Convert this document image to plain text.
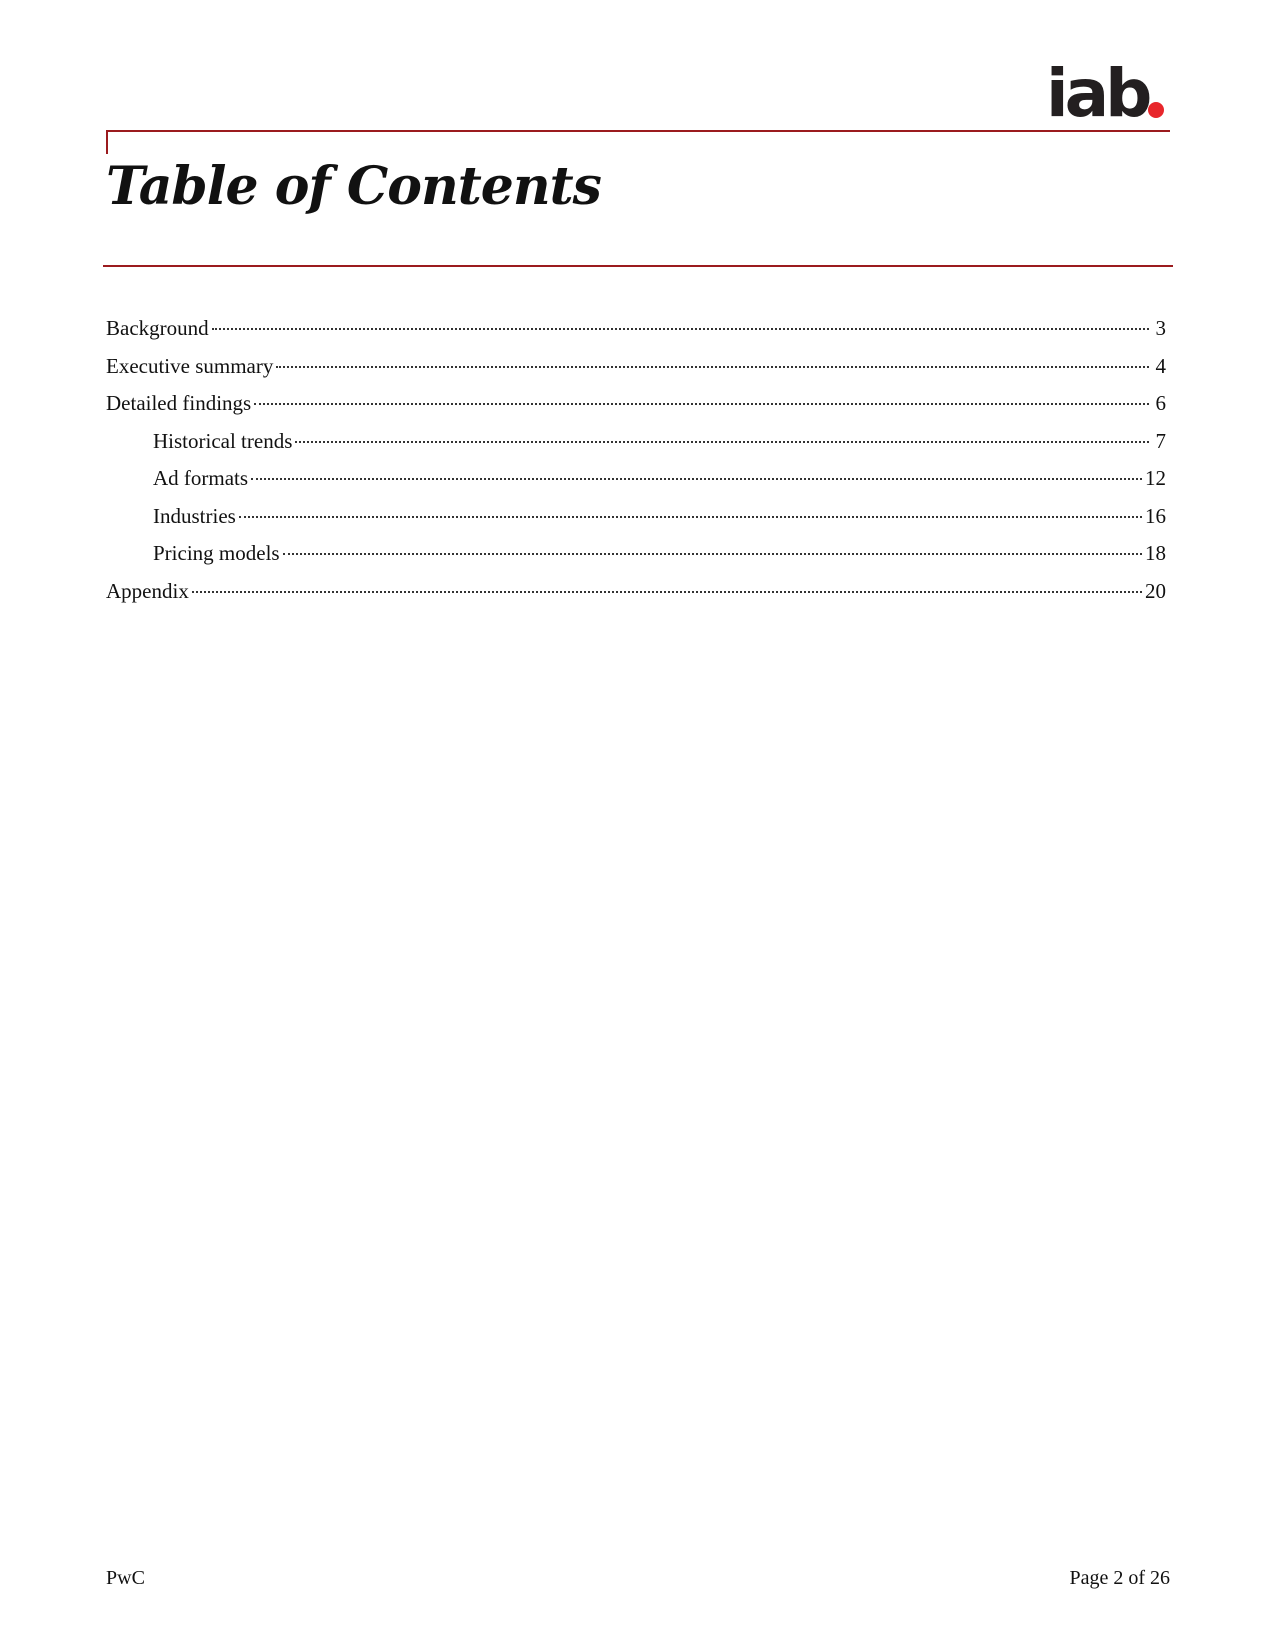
iab
Table of Contents
Background	3
Executive summary	4
Detailed findings	6
Historical trends	7
Ad formats	12
Industries	16
Pricing models	18
Appendix	20
PwC	Page 2 of 26
